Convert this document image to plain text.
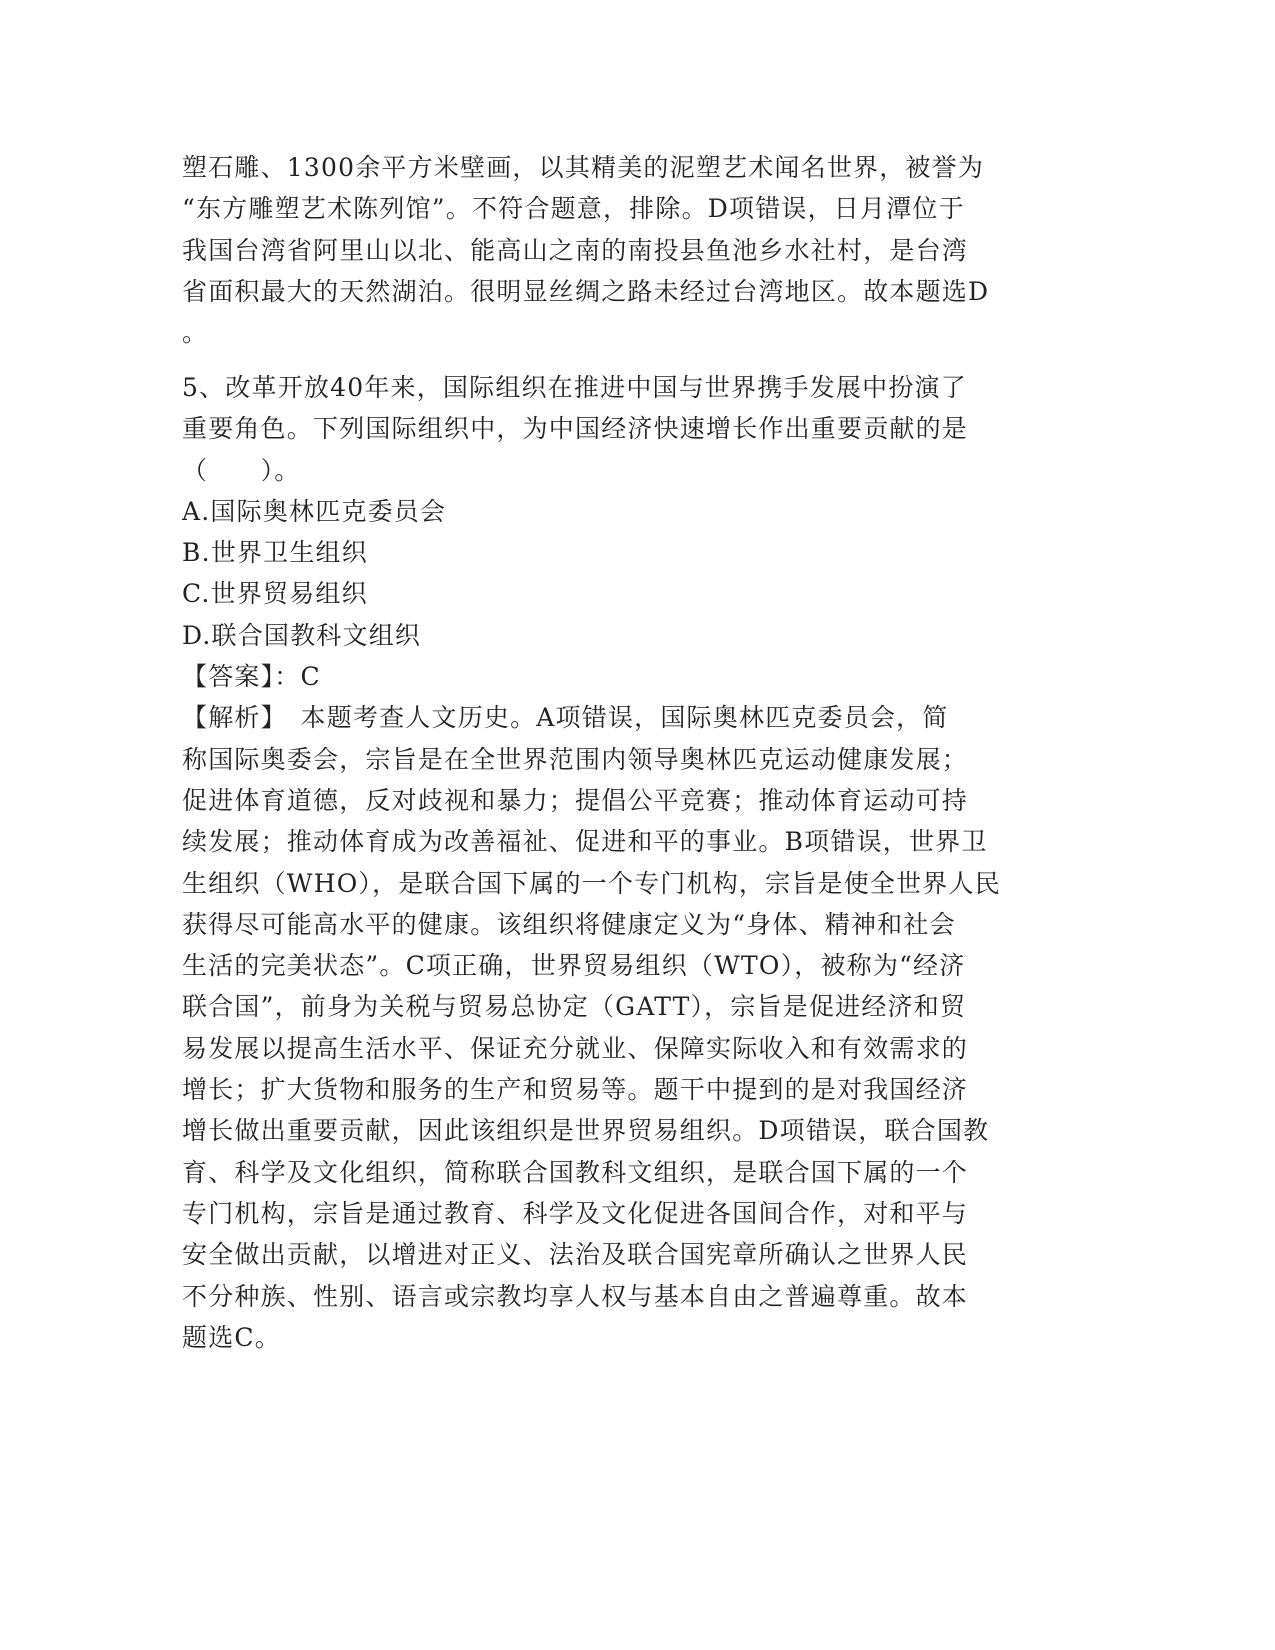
塑石雕、1300余平方米壁画，以其精美的泥塑艺术闻名世界，被誉为
“东方雕塑艺术陈列馆”。不符合题意，排除。D项错误，日月潭位于
我国台湾省阿里山以北、能高山之南的南投县鱼池乡水社村，是台湾
省面积最大的天然湖泊。很明显丝绸之路未经过台湾地区。故本题选D
。
5、改革开放40年来，国际组织在推进中国与世界携手发展中扮演了
重要角色。下列国际组织中，为中国经济快速增长作出重要贡献的是
（　　）。
A.国际奥林匹克委员会
B.世界卫生组织
C.世界贸易组织
D.联合国教科文组织
【答案】：C
【解析】　本题考查人文历史。A项错误，国际奥林匹克委员会，简
称国际奥委会，宗旨是在全世界范围内领导奥林匹克运动健康发展；
促进体育道德，反对歧视和暴力；提倡公平竞赛；推动体育运动可持
续发展；推动体育成为改善福祉、促进和平的事业。B项错误，世界卫
生组织（WHO），是联合国下属的一个专门机构，宗旨是使全世界人民
获得尽可能高水平的健康。该组织将健康定义为“身体、精神和社会
生活的完美状态”。C项正确，世界贸易组织（WTO），被称为“经济
联合国”，前身为关税与贸易总协定（GATT），宗旨是促进经济和贸
易发展以提高生活水平、保证充分就业、保障实际收入和有效需求的
增长；扩大货物和服务的生产和贸易等。题干中提到的是对我国经济
增长做出重要贡献，因此该组织是世界贸易组织。D项错误，联合国教
育、科学及文化组织，简称联合国教科文组织，是联合国下属的一个
专门机构，宗旨是通过教育、科学及文化促进各国间合作，对和平与
安全做出贡献，以增进对正义、法治及联合国宪章所确认之世界人民
不分种族、性别、语言或宗教均享人权与基本自由之普遍尊重。故本
题选C。
